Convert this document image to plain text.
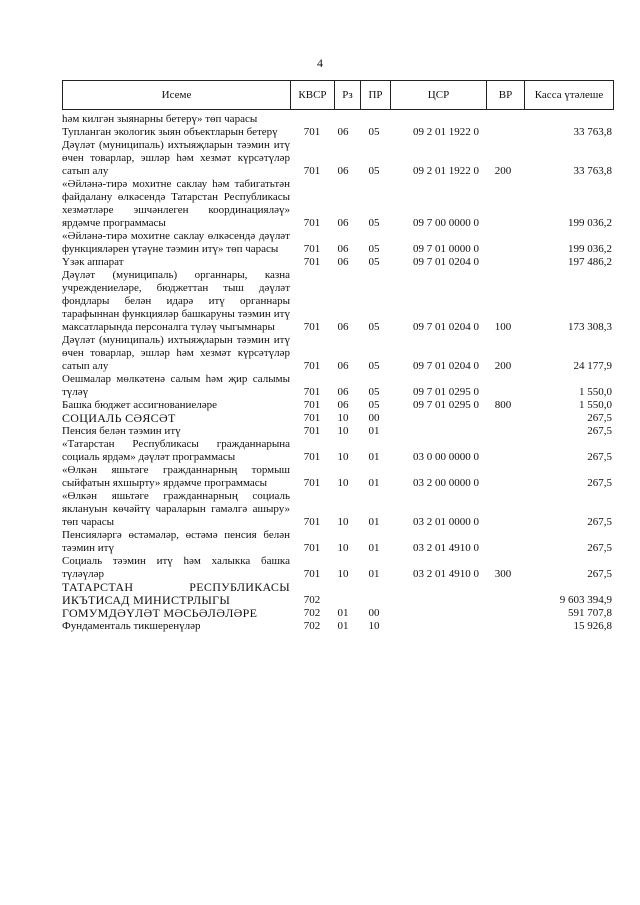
4
Исеме	КВСР	Рз	ПР	ЦСР	ВР	Касса үтәлеше
һәм килгән зыянарны бетерү» төп чарасы
Тупланган экологик зыян объектларын бетерү	701	06	05	09 2 01 1922 0	33 763,8
Дәүләт (муниципаль) ихтыяҗларын тәэмин итү өчен товарлар, эшләр һәм хезмәт күрсәтүләр сатып алу	701	06	05	09 2 01 1922 0	200	33 763,8
«Әйләнә-тирә мохитне саклау һәм табигатьтән файдалану өлкәсендә Татарстан Республикасы хезмәтләре эшчәнлеген координацияләү» ярдәмче программасы	701	06	05	09 7 00 0000 0	199 036,2
«Әйләнә-тирә мохитне саклау өлкәсендә дәүләт функцияләрен үтәүне тәэмин итү» төп чарасы	701	06	05	09 7 01 0000 0	199 036,2
Үзәк аппарат	701	06	05	09 7 01 0204 0	197 486,2
Дәүләт (муниципаль) органнары, казна учреждениеләре, бюджеттан тыш дәүләт фондлары белән идарә итү органнары тарафыннан функцияләр башкаруны тәэмин итү максатларында персоналга түләү чыгымнары	701	06	05	09 7 01 0204 0	100	173 308,3
Дәүләт (муниципаль) ихтыяҗларын тәэмин итү өчен товарлар, эшләр һәм хезмәт күрсәтүләр сатып алу	701	06	05	09 7 01 0204 0	200	24 177,9
Оешмалар мөлкәтенә салым һәм җир салымы түләү	701	06	05	09 7 01 0295 0	1 550,0
Башка бюджет ассигнованиеләре	701	06	05	09 7 01 0295 0	800	1 550,0
СОЦИАЛЬ СӘЯСӘТ	701	10	00	267,5
Пенсия белән тәэмин итү	701	10	01	267,5
«Татарстан Республикасы гражданнарына социаль ярдәм» дәүләт программасы	701	10	01	03 0 00 0000 0	267,5
«Өлкән яшьтәге гражданнарның тормыш сыйфатын яхшырту» ярдәмче программасы	701	10	01	03 2 00 0000 0	267,5
«Өлкән яшьтәге гражданнарның социаль яклануын көчәйтү чараларын гамәлгә ашыру» төп чарасы	701	10	01	03 2 01 0000 0	267,5
Пенсияләргә өстәмәләр, өстәмә пенсия белән тәэмин итү	701	10	01	03 2 01 4910 0	267,5
Социаль тәэмин итү һәм халыкка башка түләүләр	701	10	01	03 2 01 4910 0	300	267,5
ТАТАРСТАН РЕСПУБЛИКАСЫ ИКЪТИСАД МИНИСТРЛЫГЫ	702	9 603 394,9
ГОМУМДӘҮЛӘТ МӘСЬӘЛӘЛӘРЕ	702	01	00	591 707,8
Фундаменталь тикшеренүләр	702	01	10	15 926,8
